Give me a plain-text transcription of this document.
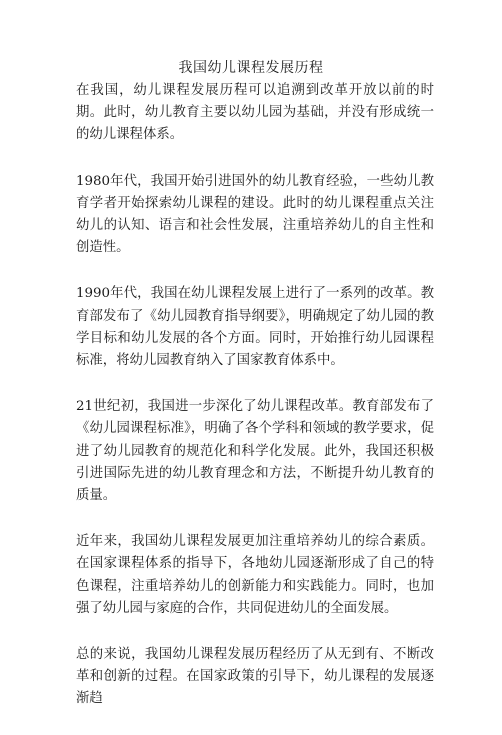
我国幼儿课程发展历程

在我国，幼儿课程发展历程可以追溯到改革开放以前的时期。此时，幼儿教育主要以幼儿园为基础，并没有形成统一的幼儿课程体系。

1980年代，我国开始引进国外的幼儿教育经验，一些幼儿教育学者开始探索幼儿课程的建设。此时的幼儿课程重点关注幼儿的认知、语言和社会性发展，注重培养幼儿的自主性和创造性。

1990年代，我国在幼儿课程发展上进行了一系列的改革。教育部发布了《幼儿园教育指导纲要》，明确规定了幼儿园的教学目标和幼儿发展的各个方面。同时，开始推行幼儿园课程标准，将幼儿园教育纳入了国家教育体系中。

21世纪初，我国进一步深化了幼儿课程改革。教育部发布了《幼儿园课程标准》，明确了各个学科和领域的教学要求，促进了幼儿园教育的规范化和科学化发展。此外，我国还积极引进国际先进的幼儿教育理念和方法，不断提升幼儿教育的质量。

近年来，我国幼儿课程发展更加注重培养幼儿的综合素质。在国家课程体系的指导下，各地幼儿园逐渐形成了自己的特色课程，注重培养幼儿的创新能力和实践能力。同时，也加强了幼儿园与家庭的合作，共同促进幼儿的全面发展。

总的来说，我国幼儿课程发展历程经历了从无到有、不断改革和创新的过程。在国家政策的引导下，幼儿课程的发展逐渐趋
